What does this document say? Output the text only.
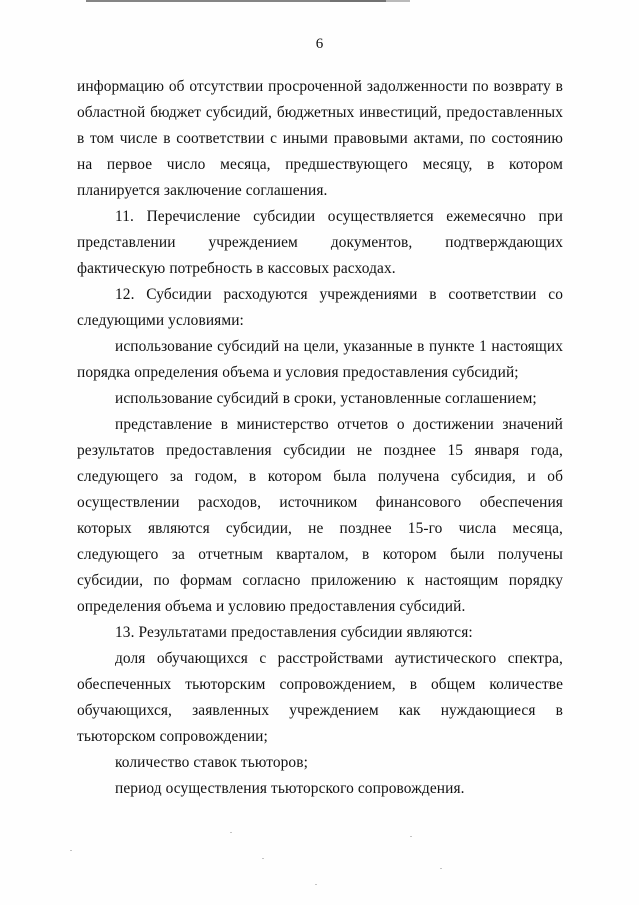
6

информацию об отсутствии просроченной задолженности по возврату в областной бюджет субсидий, бюджетных инвестиций, предоставленных в том числе в соответствии с иными правовыми актами, по состоянию на первое число месяца, предшествующего месяцу, в котором планируется заключение соглашения.

11. Перечисление субсидии осуществляется ежемесячно при представлении учреждением документов, подтверждающих фактическую потребность в кассовых расходах.

12. Субсидии расходуются учреждениями в соответствии со следующими условиями:

использование субсидий на цели, указанные в пункте 1 настоящих порядка определения объема и условия предоставления субсидий;

использование субсидий в сроки, установленные соглашением;

представление в министерство отчетов о достижении значений результатов предоставления субсидии не позднее 15 января года, следующего за годом, в котором была получена субсидия, и об осуществлении расходов, источником финансового обеспечения которых являются субсидии, не позднее 15-го числа месяца, следующего за отчетным кварталом, в котором были получены субсидии, по формам согласно приложению к настоящим порядку определения объема и условию предоставления субсидий.

13. Результатами предоставления субсидии являются:

доля обучающихся с расстройствами аутистического спектра, обеспеченных тьюторским сопровождением, в общем количестве обучающихся, заявленных учреждением как нуждающиеся в тьюторском сопровождении;

количество ставок тьюторов;

период осуществления тьюторского сопровождения.
